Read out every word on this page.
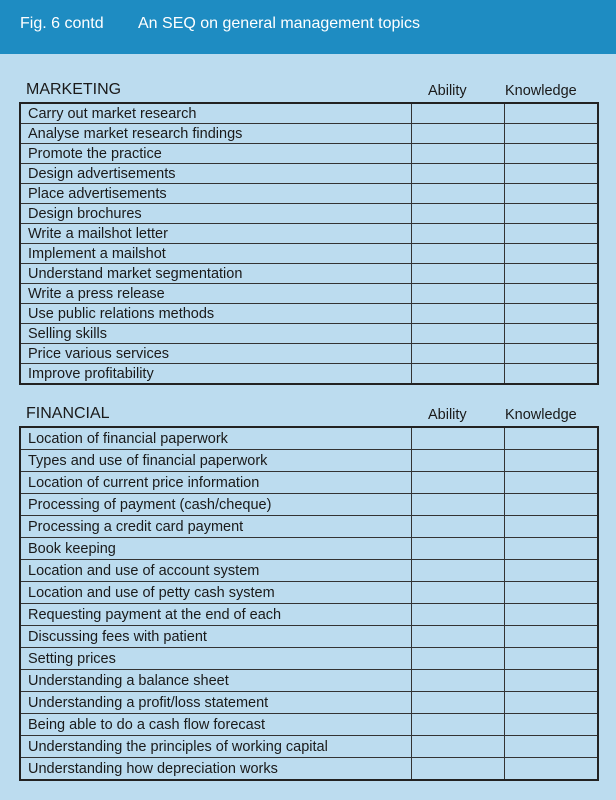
Fig. 6 contd An SEQ on general management topics
MARKETING	Ability	Knowledge
Carry out market research		
Analyse market research findings		
Promote the practice		
Design advertisements		
Place advertisements		
Design brochures		
Write a mailshot letter		
Implement a mailshot		
Understand market segmentation		
Write a press release		
Use public relations methods		
Selling skills		
Price various services		
Improve profitability		
FINANCIAL	Ability	Knowledge
Location of financial paperwork		
Types and use of financial paperwork		
Location of current price information		
Processing of payment (cash/cheque)		
Processing a credit card payment		
Book keeping		
Location and use of account system		
Location and use of petty cash system		
Requesting payment at the end of each		
Discussing fees with patient		
Setting prices		
Understanding a balance sheet		
Understanding a profit/loss statement		
Being able to do a cash flow forecast		
Understanding the principles of working capital		
Understanding how depreciation works		
